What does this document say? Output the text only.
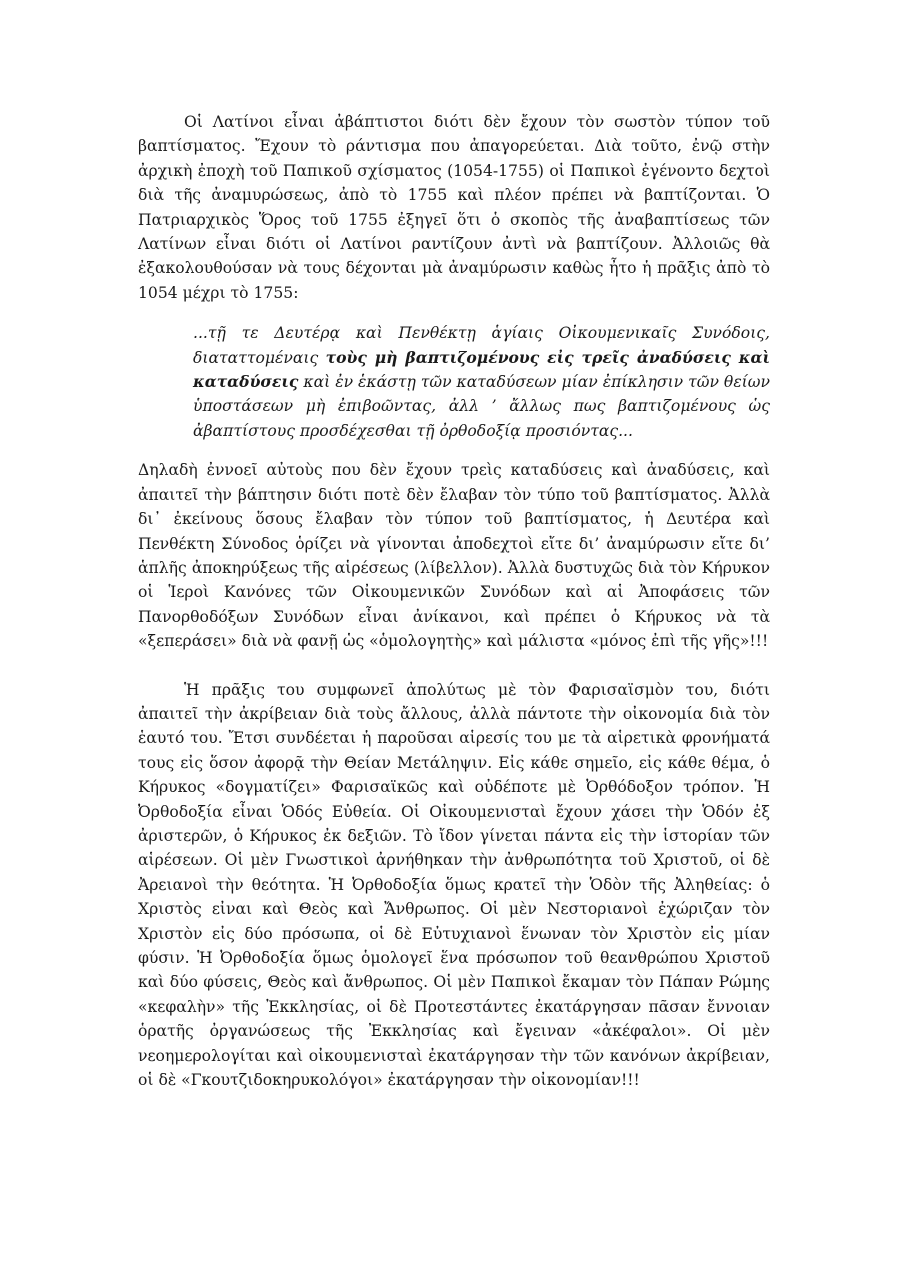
Οἱ Λατίνοι εἶναι ἀβάπτιστοι διότι δὲν ἔχουν τὸν σωστὸν τύπον τοῦ βαπτίσματος. Ἔχουν τὸ ράντισμα που ἀπαγορεύεται. Διὰ τοῦτο, ἐνῷ στὴν ἀρχικὴ ἐποχὴ τοῦ Παπικοῦ σχίσματος (1054-1755) οἱ Παπικοὶ ἐγένοντο δεχτοὶ διὰ τῆς ἀναμυρώσεως, ἀπὸ τὸ 1755 καὶ πλέον πρέπει νὰ βαπτίζονται. Ὁ Πατριαρχικὸς Ὅρος τοῦ 1755 ἐξηγεῖ ὅτι ὁ σκοπὸς τῆς ἀναβαπτίσεως τῶν Λατίνων εἶναι διότι οἱ Λατίνοι ραντίζουν ἀντὶ νὰ βαπτίζουν. Ἀλλοιῶς θὰ ἐξακολουθούσαν νὰ τους δέχονται μὰ ἀναμύρωσιν καθὼς ἦτο ἡ πρᾶξις ἀπὸ τὸ 1054 μέχρι τὸ 1755:

...τῇ τε Δευτέρᾳ καὶ Πενθέκτῃ ἁγίαις Οἰκουμενικαῖς Συνόδοις, διαταττομέναις τοὺς μὴ βαπτιζομένους εἰς τρεῖς ἀναδύσεις καὶ καταδύσεις καὶ ἐν ἑκάστῃ τῶν καταδύσεων μίαν ἐπίκλησιν τῶν θείων ὑποστάσεων μὴ ἐπιβοῶντας, ἀλλ ’ ἄλλως πως βαπτιζομένους ὡς ἀβαπτίστους προσδέχεσθαι τῇ ὀρθοδοξίᾳ προσιόντας...

Δηλαδὴ ἐννοεῖ αὐτοὺς που δὲν ἔχουν τρεὶς καταδύσεις καὶ ἀναδύσεις, καὶ ἀπαιτεῖ τὴν βάπτησιν διότι ποτὲ δὲν ἔλαβαν τὸν τύπο τοῦ βαπτίσματος. Ἀλλὰ δι᾽ ἐκείνους ὅσους ἔλαβαν τὸν τύπον τοῦ βαπτίσματος, ἡ Δευτέρα καὶ Πενθέκτη Σύνοδος ὁρίζει νὰ γίνονται ἀποδεχτοὶ εἴτε δι’ ἀναμύρωσιν εἴτε δι’ ἁπλῆς ἀποκηρύξεως τῆς αἱρέσεως (λίβελλον). Ἀλλὰ δυστυχῶς διὰ τὸν Κήρυκον οἱ Ἱεροὶ Κανόνες τῶν Οἰκουμενικῶν Συνόδων καὶ αἱ Ἀποφάσεις τῶν Πανορθοδόξων Συνόδων εἶναι ἀνίκανοι, καὶ πρέπει ὁ Κήρυκος νὰ τὰ «ξεπεράσει» διὰ νὰ φανῇ ὡς «ὁμολογητὴς» καὶ μάλιστα «μόνος ἐπὶ τῆς γῆς»!!!

Ἡ πρᾶξις του συμφωνεῖ ἀπολύτως μὲ τὸν Φαρισαϊσμὸν του, διότι ἀπαιτεῖ τὴν ἀκρίβειαν διὰ τοὺς ἄλλους, ἀλλὰ πάντοτε τὴν οἰκονομία διὰ τὸν ἑαυτό του. Ἔτσι συνδέεται ἡ παροῦσαι αἱρεσίς του με τὰ αἱρετικὰ φρονήματά τους εἰς ὅσον ἀφορᾷ τὴν Θείαν Μετάληψιν. Εἰς κάθε σημεῖο, εἰς κάθε θέμα, ὁ Κήρυκος «δογματίζει» Φαρισαϊκῶς καὶ οὐδέποτε μὲ Ὀρθόδοξον τρόπον. Ἡ Ὀρθοδοξία εἶναι Ὁδός Εὐθεία. Οἱ Οἰκουμενισταὶ ἔχουν χάσει τὴν Ὁδόν ἐξ ἀριστερῶν, ὁ Κήρυκος ἐκ δεξιῶν. Τὸ ἴδον γίνεται πάντα εἰς τὴν ἱστορίαν τῶν αἱρέσεων. Οἱ μὲν Γνωστικοὶ ἀρνήθηκαν τὴν ἀνθρωπότητα τοῦ Χριστοῦ, οἱ δὲ Ἀρειανοὶ τὴν θεότητα. Ἡ Ὀρθοδοξία ὅμως κρατεῖ τὴν Ὁδὸν τῆς Ἀληθείας: ὁ Χριστὸς εἰναι καὶ Θεὸς καὶ Ἄνθρωπος. Οἱ μὲν Νεστοριανοὶ ἐχώριζαν τὸν Χριστὸν εἰς δύο πρόσωπα, οἱ δὲ Εὐτυχιανοὶ ἕνωναν τὸν Χριστὸν εἰς μίαν φύσιν. Ἡ Ὀρθοδοξία ὅμως ὁμολογεῖ ἕνα πρόσωπον τοῦ θεανθρώπου Χριστοῦ καὶ δύο φύσεις, Θεὸς καὶ ἄνθρωπος. Οἱ μὲν Παπικοὶ ἔκαμαν τὸν Πάπαν Ρώμης «κεφαλὴν» τῆς Ἐκκλησίας, οἱ δὲ Προτεστάντες ἐκατάργησαν πᾶσαν ἔννοιαν ὁρατῆς ὀργανώσεως τῆς Ἐκκλησίας καὶ ἔγειναν «ἀκέφαλοι». Οἱ μὲν νεοημερολογίται καὶ οἰκουμενισταὶ ἐκατάργησαν τὴν τῶν κανόνων ἀκρίβειαν, οἱ δὲ «Γκουτζιδοκηρυκολόγοι» ἐκατάργησαν τὴν οἰκονομίαν!!!
